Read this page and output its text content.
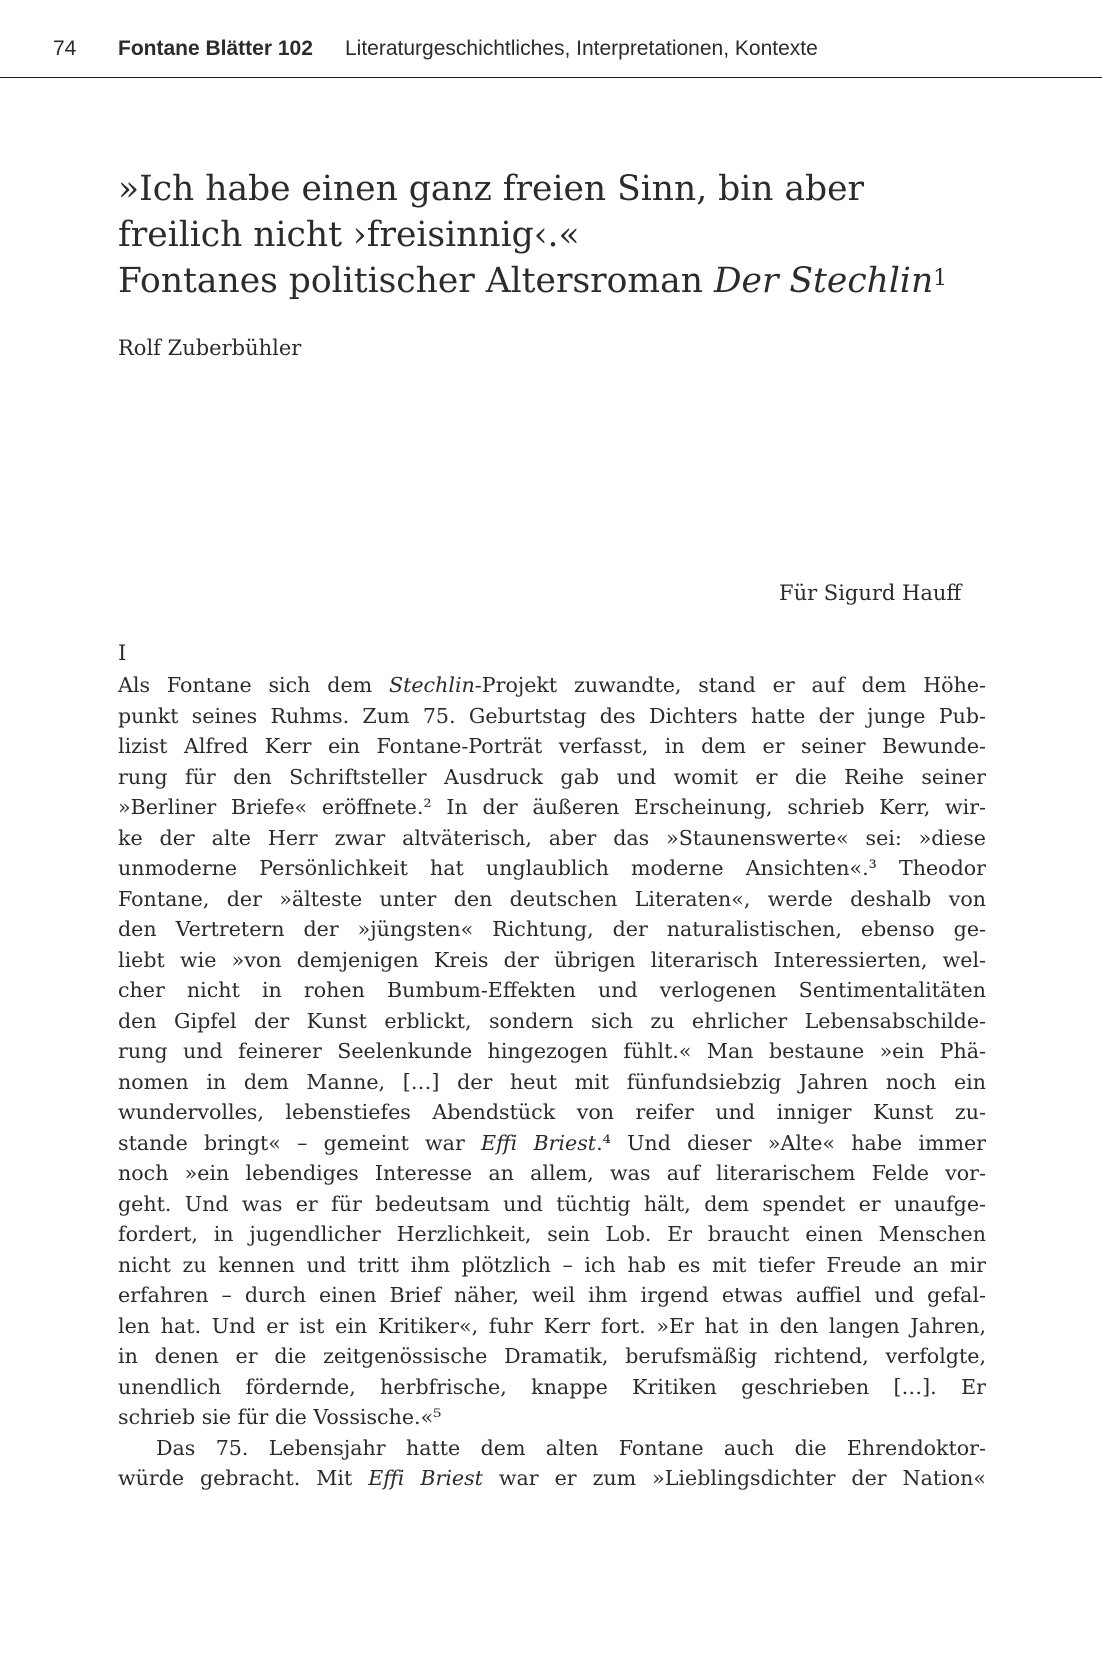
74 Fontane Blätter 102 Literaturgeschichtliches, Interpretationen, Kontexte
»Ich habe einen ganz freien Sinn, bin aber
freilich nicht ›freisinnig‹.«
Fontanes politischer Altersroman Der Stechlin$^1$
Rolf Zuberbühler
Für Sigurd Hauff
I
Als Fontane sich dem Stechlin-Projekt zuwandte, stand er auf dem Höhe-
punkt seines Ruhms. Zum 75. Geburtstag des Dichters hatte der junge Pub-
lizist Alfred Kerr ein Fontane-Porträt verfasst, in dem er seiner Bewunde-
rung für den Schriftsteller Ausdruck gab und womit er die Reihe seiner
»Berliner Briefe« eröffnete.² In der äußeren Erscheinung, schrieb Kerr, wir-
ke der alte Herr zwar altväterisch, aber das »Staunenswerte« sei: »diese
unmoderne Persönlichkeit hat unglaublich moderne Ansichten«.³ Theodor
Fontane, der »älteste unter den deutschen Literaten«, werde deshalb von
den Vertretern der »jüngsten« Richtung, der naturalistischen, ebenso ge-
liebt wie »von demjenigen Kreis der übrigen literarisch Interessierten, wel-
cher nicht in rohen Bumbum-Effekten und verlogenen Sentimentalitäten
den Gipfel der Kunst erblickt, sondern sich zu ehrlicher Lebensabschilde-
rung und feinerer Seelenkunde hingezogen fühlt.« Man bestaune »ein Phä-
nomen in dem Manne, […] der heut mit fünfundsiebzig Jahren noch ein
wundervolles, lebenstiefes Abendstück von reifer und inniger Kunst zu-
stande bringt« – gemeint war Effi Briest.⁴ Und dieser »Alte« habe immer
noch »ein lebendiges Interesse an allem, was auf literarischem Felde vor-
geht. Und was er für bedeutsam und tüchtig hält, dem spendet er unaufge-
fordert, in jugendlicher Herzlichkeit, sein Lob. Er braucht einen Menschen
nicht zu kennen und tritt ihm plötzlich – ich hab es mit tiefer Freude an mir
erfahren – durch einen Brief näher, weil ihm irgend etwas auffiel und gefal-
len hat. Und er ist ein Kritiker«, fuhr Kerr fort. »Er hat in den langen Jahren,
in denen er die zeitgenössische Dramatik, berufsmäßig richtend, verfolgte,
unendlich fördernde, herbfrische, knappe Kritiken geschrieben […]. Er
schrieb sie für die Vossische.«⁵
Das 75. Lebensjahr hatte dem alten Fontane auch die Ehrendoktor-
würde gebracht. Mit Effi Briest war er zum »Lieblingsdichter der Nation«
